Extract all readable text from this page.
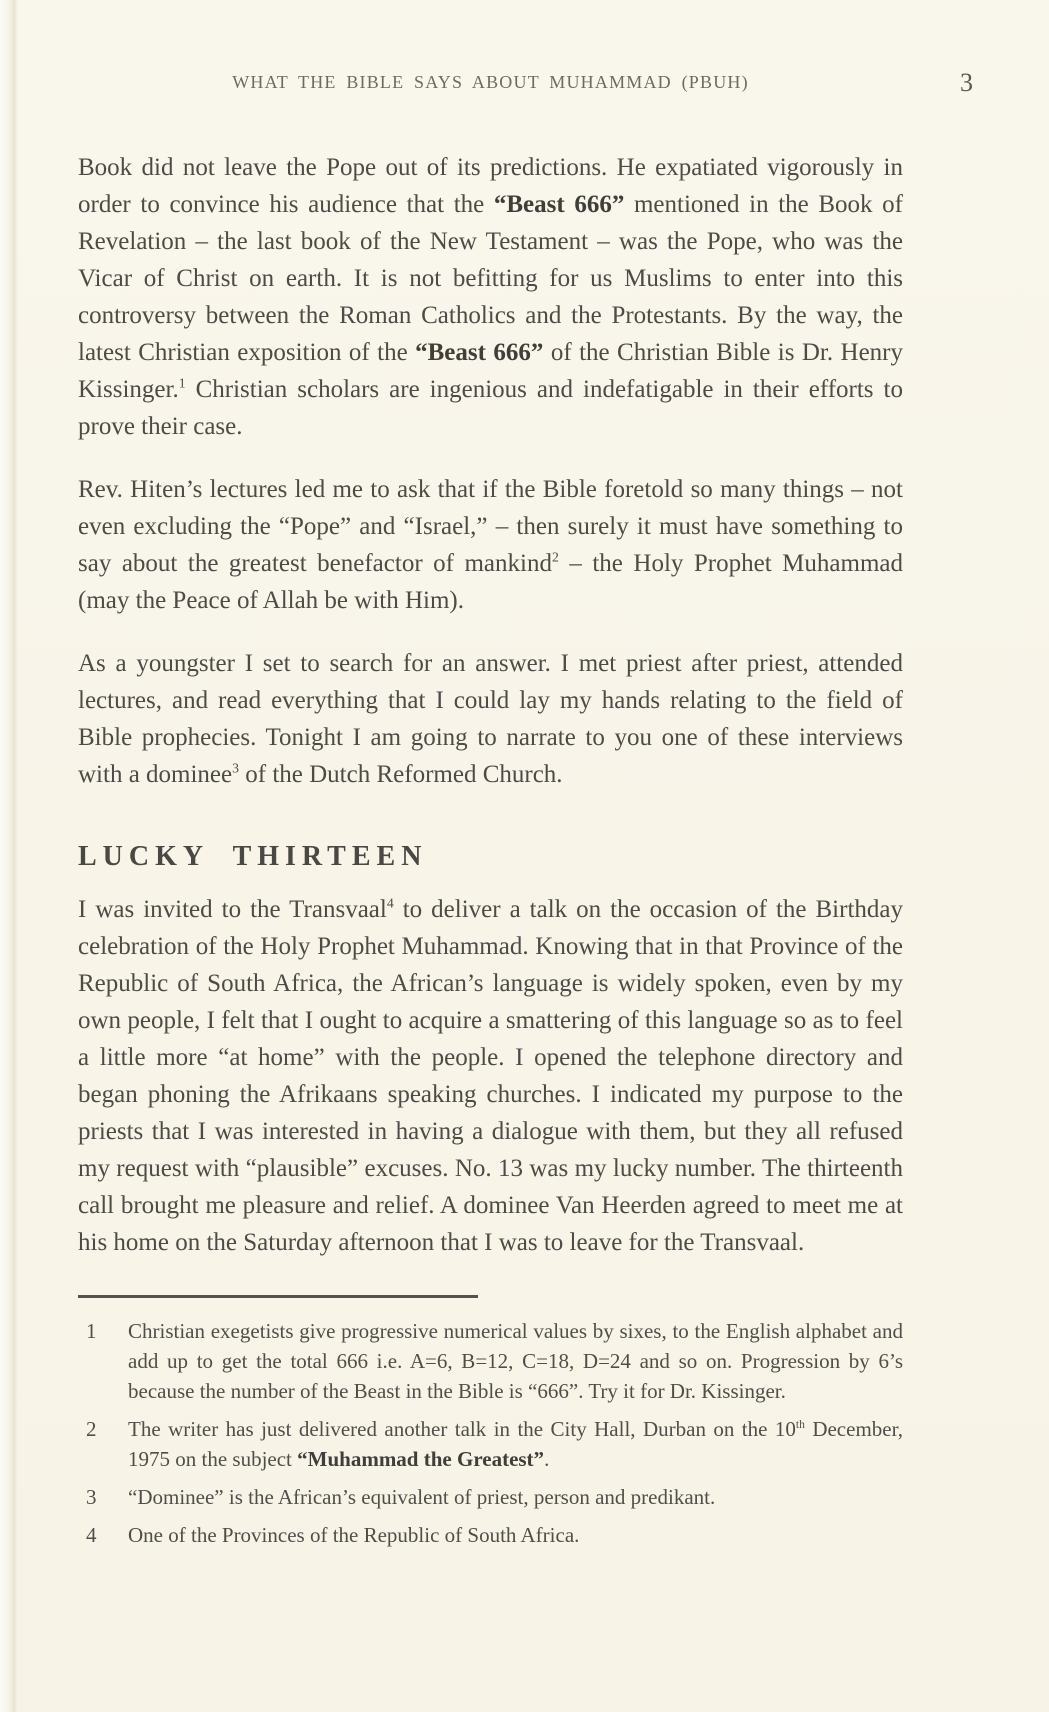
WHAT THE BIBLE SAYS ABOUT MUHAMMAD (PBUH)	3

Book did not leave the Pope out of its predictions. He expatiated vigorously in order to convince his audience that the “Beast 666” mentioned in the Book of Revelation – the last book of the New Testament – was the Pope, who was the Vicar of Christ on earth. It is not befitting for us Muslims to enter into this controversy between the Roman Catholics and the Protestants. By the way, the latest Christian exposition of the “Beast 666” of the Christian Bible is Dr. Henry Kissinger.$^1$ Christian scholars are ingenious and indefatigable in their efforts to prove their case.

Rev. Hiten’s lectures led me to ask that if the Bible foretold so many things – not even excluding the “Pope” and “Israel,” – then surely it must have something to say about the greatest benefactor of mankind$^2$ – the Holy Prophet Muhammad (may the Peace of Allah be with Him).

As a youngster I set to search for an answer. I met priest after priest, attended lectures, and read everything that I could lay my hands relating to the field of Bible prophecies. Tonight I am going to narrate to you one of these interviews with a dominee$^3$ of the Dutch Reformed Church.

LUCKY THIRTEEN

I was invited to the Transvaal$^4$ to deliver a talk on the occasion of the Birthday celebration of the Holy Prophet Muhammad. Knowing that in that Province of the Republic of South Africa, the African’s language is widely spoken, even by my own people, I felt that I ought to acquire a smattering of this language so as to feel a little more “at home” with the people. I opened the telephone directory and began phoning the Afrikaans speaking churches. I indicated my purpose to the priests that I was interested in having a dialogue with them, but they all refused my request with “plausible” excuses. No. 13 was my lucky number. The thirteenth call brought me pleasure and relief. A dominee Van Heerden agreed to meet me at his home on the Saturday afternoon that I was to leave for the Transvaal.

1	Christian exegetists give progressive numerical values by sixes, to the English alphabet and add up to get the total 666 i.e. A=6, B=12, C=18, D=24 and so on. Progression by 6’s because the number of the Beast in the Bible is “666”. Try it for Dr. Kissinger.
2	The writer has just delivered another talk in the City Hall, Durban on the 10th December, 1975 on the subject “Muhammad the Greatest”.
3	“Dominee” is the African’s equivalent of priest, person and predikant.
4	One of the Provinces of the Republic of South Africa.
